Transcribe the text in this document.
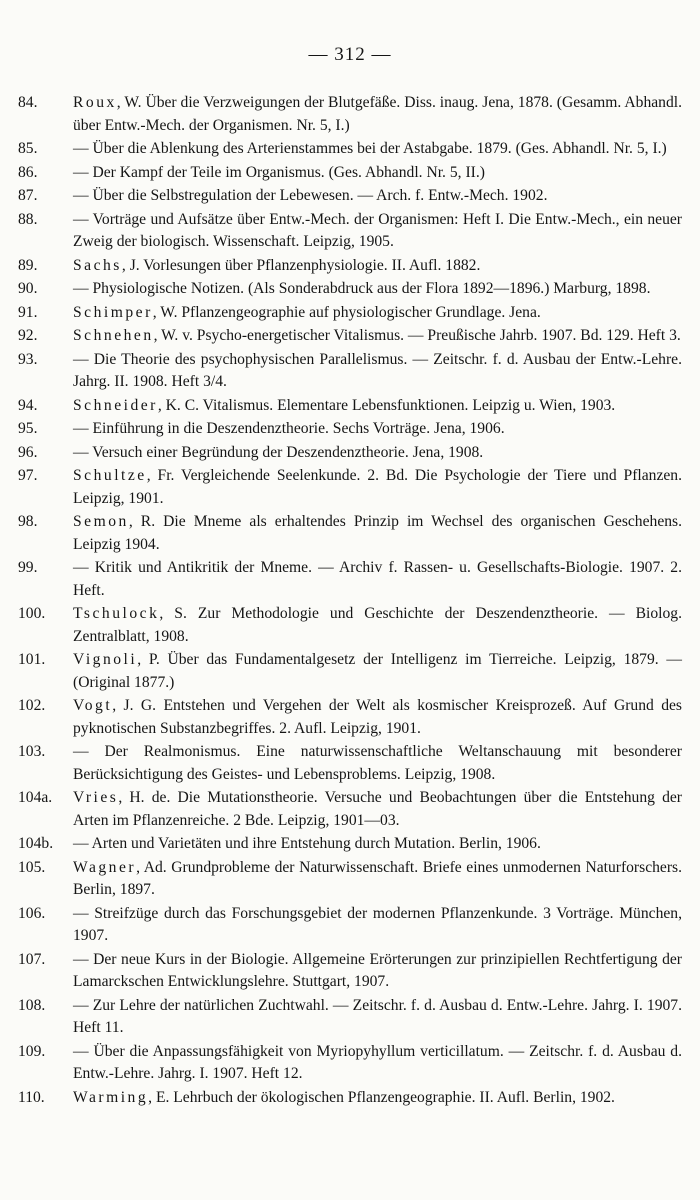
— 312 —
84.	Roux, W. Über die Verzweigungen der Blutgefäße. Diss. inaug. Jena, 1878. (Gesamm. Abhandl. über Entw.-Mech. der Organismen. Nr. 5, I.)
85.	— Über die Ablenkung des Arterienstammes bei der Astabgabe. 1879. (Ges. Abhandl. Nr. 5, I.)
86.	— Der Kampf der Teile im Organismus. (Ges. Abhandl. Nr. 5, II.)
87.	— Über die Selbstregulation der Lebewesen. — Arch. f. Entw.-Mech. 1902.
88.	— Vorträge und Aufsätze über Entw.-Mech. der Organismen: Heft I. Die Entw.-Mech., ein neuer Zweig der biologisch. Wissenschaft. Leipzig, 1905.
89.	Sachs, J. Vorlesungen über Pflanzenphysiologie. II. Aufl. 1882.
90.	— Physiologische Notizen. (Als Sonderabdruck aus der Flora 1892—1896.) Marburg, 1898.
91.	Schimper, W. Pflanzengeographie auf physiologischer Grundlage. Jena.
92.	Schnehen, W. v. Psycho-energetischer Vitalismus. — Preußische Jahrb. 1907. Bd. 129. Heft 3.
93.	— Die Theorie des psychophysischen Parallelismus. — Zeitschr. f. d. Ausbau der Entw.-Lehre. Jahrg. II. 1908. Heft 3/4.
94.	Schneider, K. C. Vitalismus. Elementare Lebensfunktionen. Leipzig u. Wien, 1903.
95.	— Einführung in die Deszendenztheorie. Sechs Vorträge. Jena, 1906.
96.	— Versuch einer Begründung der Deszendenztheorie. Jena, 1908.
97.	Schultze, Fr. Vergleichende Seelenkunde. 2. Bd. Die Psychologie der Tiere und Pflanzen. Leipzig, 1901.
98.	Semon, R. Die Mneme als erhaltendes Prinzip im Wechsel des organischen Geschehens. Leipzig 1904.
99.	— Kritik und Antikritik der Mneme. — Archiv f. Rassen- u. Gesellschafts-Biologie. 1907. 2. Heft.
100.	Tschulock, S. Zur Methodologie und Geschichte der Deszendenztheorie. — Biolog. Zentralblatt, 1908.
101.	Vignoli, P. Über das Fundamentalgesetz der Intelligenz im Tierreiche. Leipzig, 1879. — (Original 1877.)
102.	Vogt, J. G. Entstehen und Vergehen der Welt als kosmischer Kreisprozeß. Auf Grund des pyknotischen Substanzbegriffes. 2. Aufl. Leipzig, 1901.
103.	— Der Realmonismus. Eine naturwissenschaftliche Weltanschauung mit besonderer Berücksichtigung des Geistes- und Lebensproblems. Leipzig, 1908.
104a.	Vries, H. de. Die Mutationstheorie. Versuche und Beobachtungen über die Entstehung der Arten im Pflanzenreiche. 2 Bde. Leipzig, 1901—03.
104b.	— Arten und Varietäten und ihre Entstehung durch Mutation. Berlin, 1906.
105.	Wagner, Ad. Grundprobleme der Naturwissenschaft. Briefe eines unmodernen Naturforschers. Berlin, 1897.
106.	— Streifzüge durch das Forschungsgebiet der modernen Pflanzenkunde. 3 Vorträge. München, 1907.
107.	— Der neue Kurs in der Biologie. Allgemeine Erörterungen zur prinzipiellen Rechtfertigung der Lamarckschen Entwicklungslehre. Stuttgart, 1907.
108.	— Zur Lehre der natürlichen Zuchtwahl. — Zeitschr. f. d. Ausbau d. Entw.-Lehre. Jahrg. I. 1907. Heft 11.
109.	— Über die Anpassungsfähigkeit von Myriopyhyllum verticillatum. — Zeitschr. f. d. Ausbau d. Entw.-Lehre. Jahrg. I. 1907. Heft 12.
110.	Warming, E. Lehrbuch der ökologischen Pflanzengeographie. II. Aufl. Berlin, 1902.
